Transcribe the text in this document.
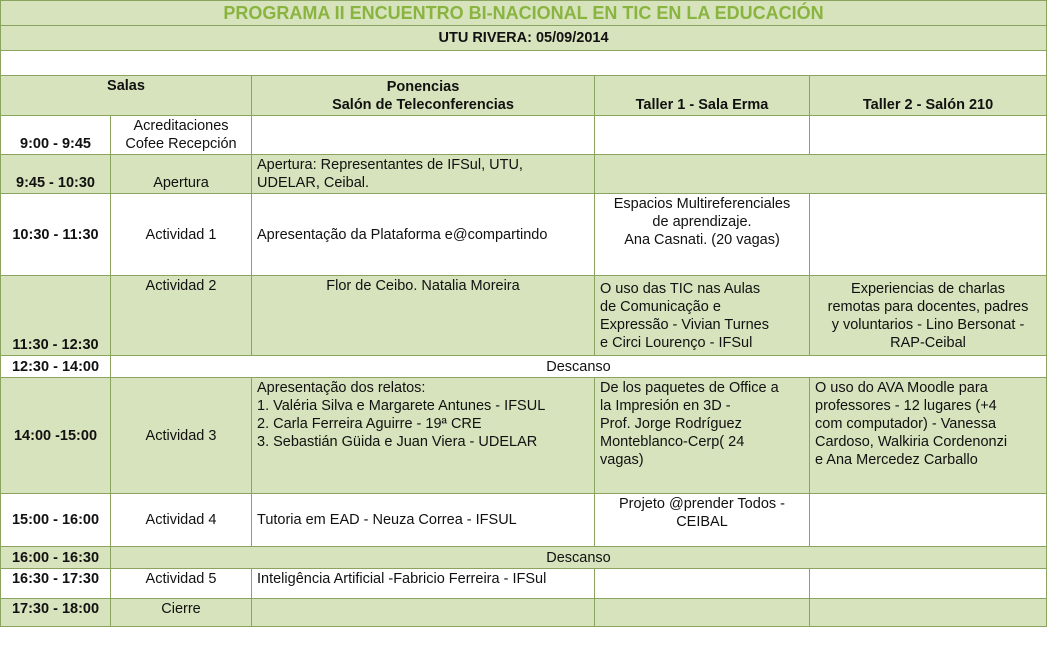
PROGRAMA II ENCUENTRO BI-NACIONAL EN TIC EN LA EDUCACIÓN				
UTU RIVERA: 05/09/2014				

Salas		Ponencias
Salón de Teleconferencias	Taller 1 - Sala Erma	Taller 2 - Salón 210
9:00 - 9:45	Acreditaciones
Cofee Recepción			
9:45 - 10:30	Apertura	Apertura: Representantes de IFSul, UTU,
UDELAR, Ceibal.		
10:30 - 11:30	Actividad 1	Apresentação da Plataforma e@compartindo	Espacios Multireferenciales
de aprendizaje.
Ana Casnati. (20 vagas)	
11:30 - 12:30	Actividad 2	Flor de Ceibo. Natalia Moreira	O uso das TIC nas Aulas
de Comunicação e
Expressão - Vivian Turnes
e Circi Lourenço - IFSul	Experiencias de charlas
remotas para docentes, padres
y voluntarios - Lino Bersonat -
RAP-Ceibal
12:30 - 14:00	Descanso			
14:00 -15:00	Actividad 3	Apresentação dos relatos:
1. Valéria Silva e Margarete Antunes - IFSUL
2. Carla Ferreira Aguirre - 19ª CRE
3. Sebastián Güida e Juan Viera - UDELAR	De los paquetes de Office a
la Impresión en 3D -
Prof. Jorge Rodríguez
Monteblanco-Cerp( 24
vagas)	O uso do AVA Moodle para
professores - 12 lugares (+4
com computador) - Vanessa
Cardoso, Walkiria Cordenonzi
e Ana Mercedez Carballo
15:00 - 16:00	Actividad 4	Tutoria em EAD - Neuza Correa - IFSUL	Projeto @prender Todos -
CEIBAL	
16:00 - 16:30	Descanso			
16:30 - 17:30	Actividad 5	Inteligência Artificial -Fabricio Ferreira - IFSul		
17:30 - 18:00	Cierre			
